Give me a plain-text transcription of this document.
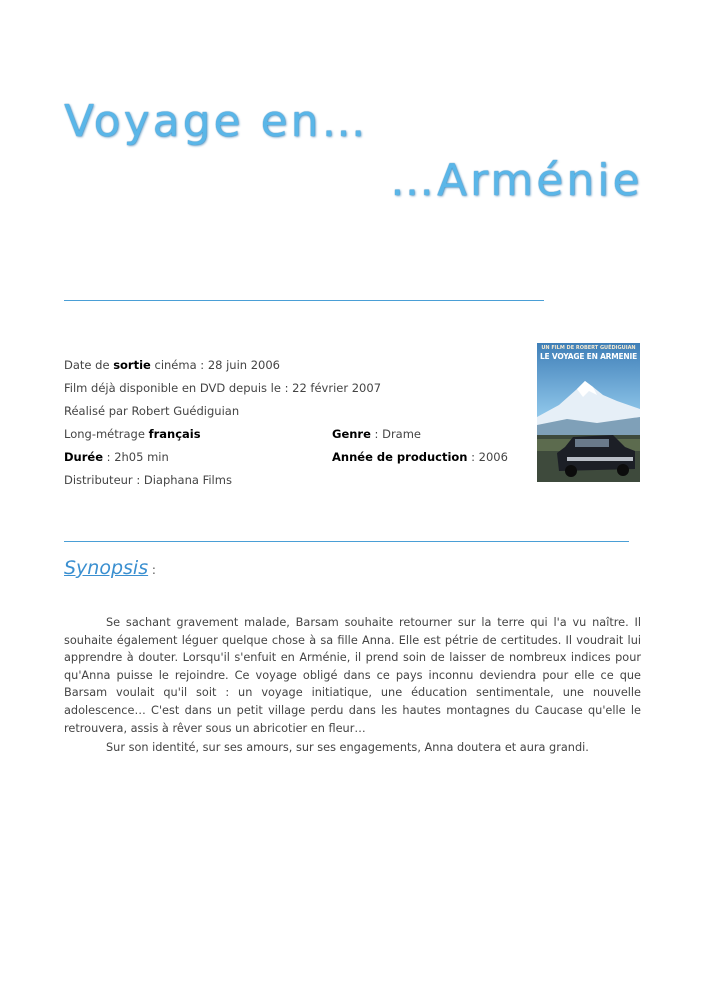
Voyage en…
…Arménie
Date de sortie cinéma : 28 juin 2006
Film déjà disponible en DVD depuis le : 22 février 2007
Réalisé par Robert Guédiguian
Long-métrage français	Genre : Drame
Durée : 2h05 min	Année de production : 2006
Distributeur : Diaphana Films
UN FILM DE ROBERT GUÉDIGUIAN
LE VOYAGE EN ARMENIE
Synopsis :

Se sachant gravement malade, Barsam souhaite retourner sur la terre qui l'a vu naître. Il souhaite également léguer quelque chose à sa fille Anna. Elle est pétrie de certitudes. Il voudrait lui apprendre à douter. Lorsqu'il s'enfuit en Arménie, il prend soin de laisser de nombreux indices pour qu'Anna puisse le rejoindre. Ce voyage obligé dans ce pays inconnu deviendra pour elle ce que Barsam voulait qu'il soit : un voyage initiatique, une éducation sentimentale, une nouvelle adolescence… C'est dans un petit village perdu dans les hautes montagnes du Caucase qu'elle le retrouvera, assis à rêver sous un abricotier en fleur…

Sur son identité, sur ses amours, sur ses engagements, Anna doutera et aura grandi.
